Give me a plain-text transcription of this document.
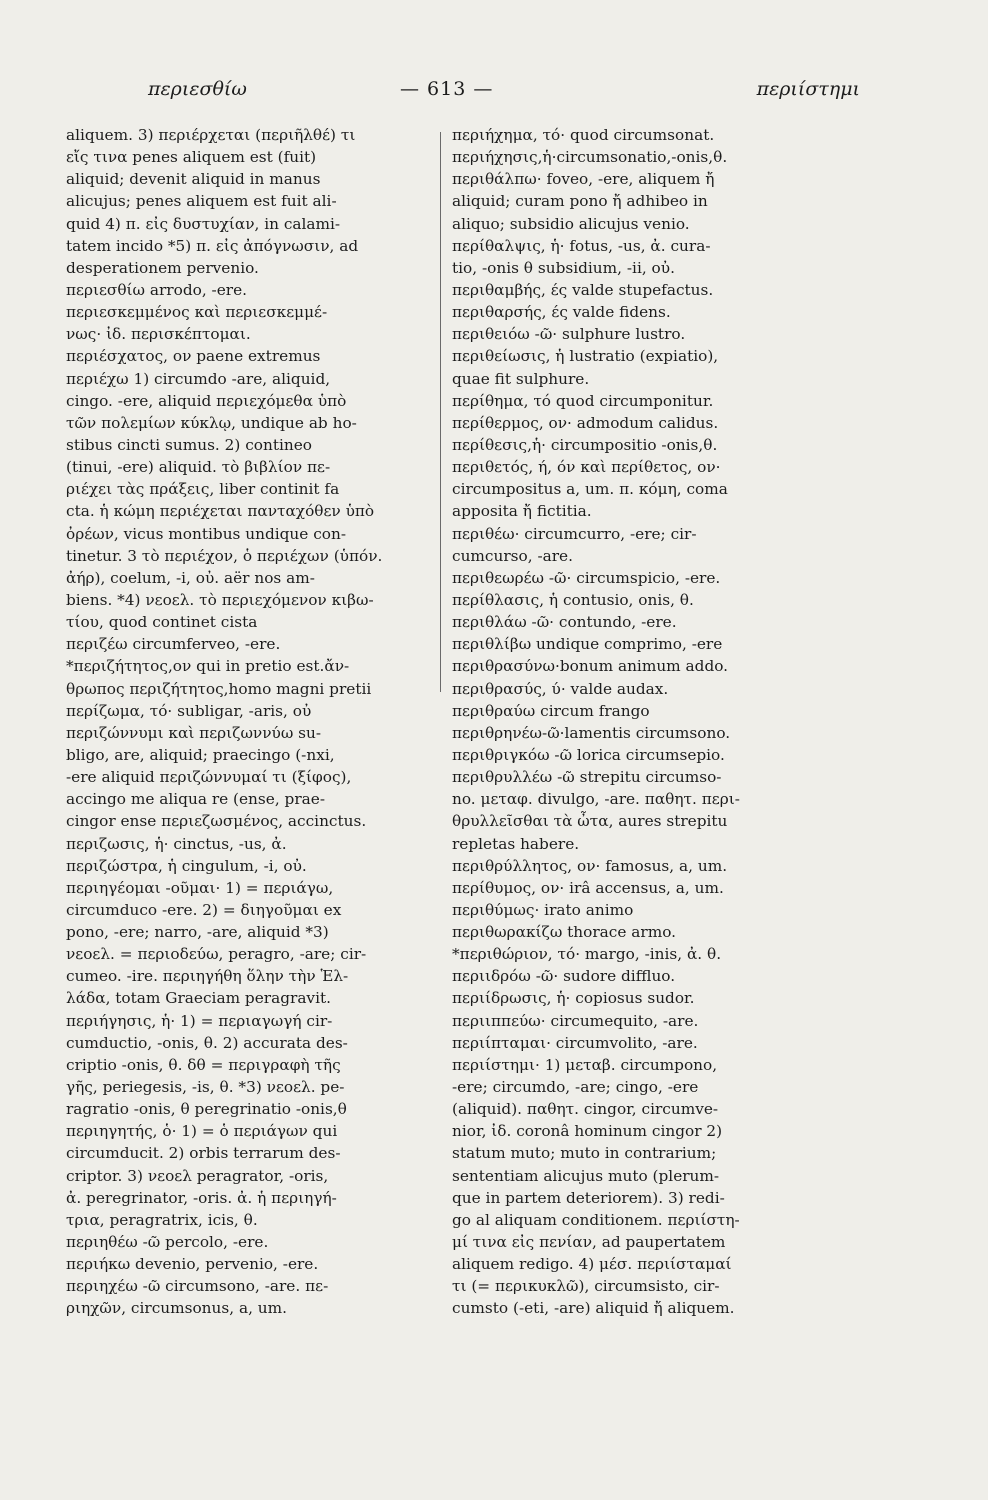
περιεσθίω	— 613 —	περιίστημι
aliquem. 3) περιέρχεται (περιῆλθέ) τι
εἴς τινα penes aliquem est (fuit)
aliquid; devenit aliquid in manus
alicujus; penes aliquem est fuit ali-
quid 4) π. εἰς δυστυχίαν, in calami-
tatem incido *5) π. εἰς ἀπόγνωσιν, ad
desperationem pervenio.
περιεσθίω arrodo, -ere.
περιεσκεμμένος καὶ περιεσκεμμέ-
νως· ἰδ. περισκέπτομαι.
περιέσχατος, ον paene extremus
περιέχω 1) circumdo -are, aliquid,
cingo. -ere, aliquid περιεχόμεθα ὑπὸ
τῶν πολεμίων κύκλῳ, undique ab ho-
stibus cincti sumus. 2) contineo
(tinui, -ere) aliquid. τὸ βιβλίον πε-
ριέχει τὰς πράξεις, liber continit fa
cta. ἡ κώμη περιέχεται πανταχόθεν ὑπὸ
ὀρέων, vicus montibus undique con-
tinetur. 3 τὸ περιέχον, ὁ περιέχων (ὑπόν.
ἀήρ), coelum, -i, οὐ. aër nos am-
biens. *4) νεοελ. τὸ περιεχόμενον κιβω-
τίου, quod continet cista
περιζέω circumferveo, -ere.
*περιζήτητος,ον qui in pretio est.ἄν-
θρωπος περιζήτητος,homo magni pretii
περίζωμα, τό· subligar, -aris, οὐ
περιζώννυμι καὶ περιζωννύω su-
bligo, are, aliquid; praecingo (-nxi,
-ere aliquid περιζώννυμαί τι (ξίφος),
accingo me aliqua re (ense, prae-
cingor ense περιεζωσμένος, accinctus.
περιζωσις, ἡ· cinctus, -us, ἀ.
περιζώστρα, ἡ cingulum, -i, οὐ.
περιηγέομαι -οῦμαι· 1) = περιάγω,
circumduco -ere. 2) = διηγοῦμαι ex
pono, -ere; narro, -are, aliquid *3)
νεοελ. = περιοδεύω, peragro, -are; cir-
cumeo. -ire. περιηγήθη ὅλην τὴν Ἑλ-
λάδα, totam Graeciam peragravit.
περιήγησις, ἡ· 1) = περιαγωγή cir-
cumductio, -onis, θ. 2) accurata des-
criptio -onis, θ. δθ = περιγραφὴ τῆς
γῆς, periegesis, -is, θ. *3) νεοελ. pe-
ragratio -onis, θ peregrinatio -onis,θ
περιηγητής, ὁ· 1) = ὁ περιάγων qui
circumducit. 2) orbis terrarum des-
criptor. 3) νεοελ peragrator, -oris,
ἀ. peregrinator, -oris. ἀ. ἡ περιηγή-
τρια, peragratrix, icis, θ.
περιηθέω -ῶ percolo, -ere.
περιήκω devenio, pervenio, -ere.
περιηχέω -ῶ circumsono, -are. πε-
ριηχῶν, circumsonus, a, um.
περιήχημα, τό· quod circumsonat.
περιήχησις,ἡ·circumsonatio,-onis,θ.
περιθάλπω· foveo, -ere, aliquem ἤ
aliquid; curam pono ἤ adhibeo in
aliquo; subsidio alicujus venio.
περίθαλψις, ἡ· fotus, -us, ἀ. cura-
tio, -onis θ subsidium, -ii, οὐ.
περιθαμβής, ές valde stupefactus.
περιθαρσής, ές valde fidens.
περιθειόω -ῶ· sulphure lustro.
περιθείωσις, ἡ lustratio (expiatio),
quae fit sulphure.
περίθημα, τό quod circumponitur.
περίθερμος, ον· admodum calidus.
περίθεσις,ἡ· circumpositio -onis,θ.
περιθετός, ή, όν καὶ περίθετος, ον·
circumpositus a, um. π. κόμη, coma
apposita ἤ fictitia.
περιθέω· circumcurro, -ere; cir-
cumcurso, -are.
περιθεωρέω -ῶ· circumspicio, -ere.
περίθλασις, ἡ contusio, onis, θ.
περιθλάω -ῶ· contundo, -ere.
περιθλίβω undique comprimo, -ere
περιθρασύνω·bonum animum addo.
περιθρασύς, ύ· valde audax.
περιθραύω circum frango
περιθρηνέω-ῶ·lamentis circumsono.
περιθριγκόω -ῶ lorica circumsepio.
περιθρυλλέω -ῶ strepitu circumso-
no. μεταφ. divulgo, -are. παθητ. περι-
θρυλλεῖσθαι τὰ ὦτα, aures strepitu
repletas habere.
περιθρύλλητος, ον· famosus, a, um.
περίθυμος, ον· irâ accensus, a, um.
περιθύμως· irato animo
περιθωρακίζω thorace armo.
*περιθώριον, τό· margo, -inis, ἀ. θ.
περιιδρόω -ῶ· sudore diffluo.
περιίδρωσις, ἡ· copiosus sudor.
περιιππεύω· circumequito, -are.
περιίπταμαι· circumvolito, -are.
περιίστημι· 1) μεταβ. circumpono,
-ere; circumdo, -are; cingo, -ere
(aliquid). παθητ. cingor, circumve-
nior, ἰδ. coronâ hominum cingor 2)
statum muto; muto in contrarium;
sententiam alicujus muto (plerum-
que in partem deteriorem). 3) redi-
go al aliquam conditionem. περιίστη-
μί τινα εἰς πενίαν, ad paupertatem
aliquem redigo. 4) μέσ. περιίσταμαί
τι (= περικυκλῶ), circumsisto, cir-
cumsto (-eti, -are) aliquid ἤ aliquem.
